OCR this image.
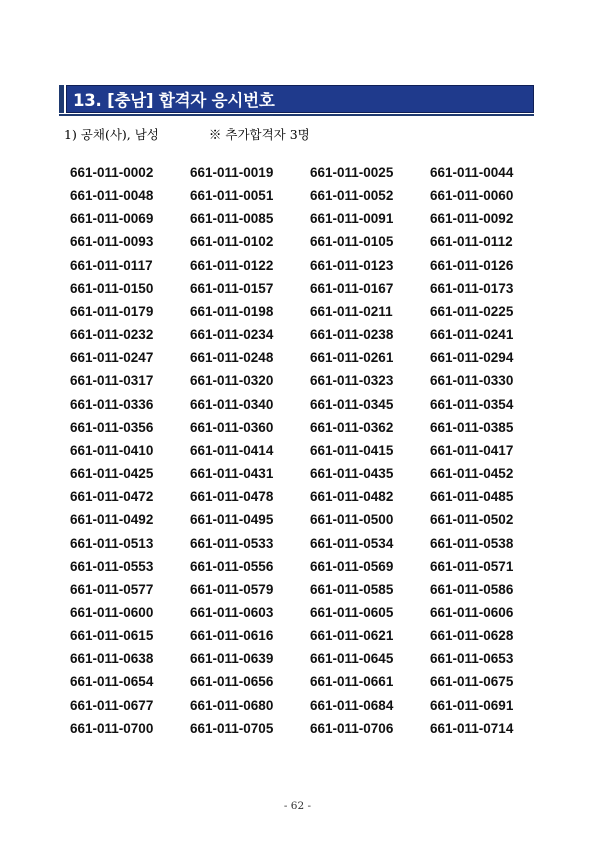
13. [충남] 합격자 응시번호
1) 공채(사), 남성	※ 추가합격자 3명
661-011-0002	661-011-0019	661-011-0025	661-011-0044
661-011-0048	661-011-0051	661-011-0052	661-011-0060
661-011-0069	661-011-0085	661-011-0091	661-011-0092
661-011-0093	661-011-0102	661-011-0105	661-011-0112
661-011-0117	661-011-0122	661-011-0123	661-011-0126
661-011-0150	661-011-0157	661-011-0167	661-011-0173
661-011-0179	661-011-0198	661-011-0211	661-011-0225
661-011-0232	661-011-0234	661-011-0238	661-011-0241
661-011-0247	661-011-0248	661-011-0261	661-011-0294
661-011-0317	661-011-0320	661-011-0323	661-011-0330
661-011-0336	661-011-0340	661-011-0345	661-011-0354
661-011-0356	661-011-0360	661-011-0362	661-011-0385
661-011-0410	661-011-0414	661-011-0415	661-011-0417
661-011-0425	661-011-0431	661-011-0435	661-011-0452
661-011-0472	661-011-0478	661-011-0482	661-011-0485
661-011-0492	661-011-0495	661-011-0500	661-011-0502
661-011-0513	661-011-0533	661-011-0534	661-011-0538
661-011-0553	661-011-0556	661-011-0569	661-011-0571
661-011-0577	661-011-0579	661-011-0585	661-011-0586
661-011-0600	661-011-0603	661-011-0605	661-011-0606
661-011-0615	661-011-0616	661-011-0621	661-011-0628
661-011-0638	661-011-0639	661-011-0645	661-011-0653
661-011-0654	661-011-0656	661-011-0661	661-011-0675
661-011-0677	661-011-0680	661-011-0684	661-011-0691
661-011-0700	661-011-0705	661-011-0706	661-011-0714
- 62 -
